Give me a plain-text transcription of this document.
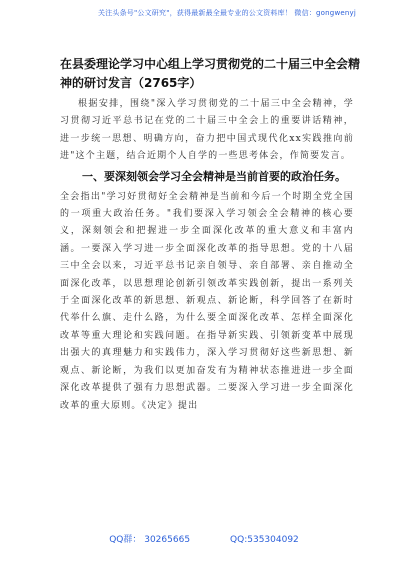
关注头条号"公文研究"，获得最新最全最专业的公文资料库！ 微信：gongwenyj
在县委理论学习中心组上学习贯彻党的二十届三中全会精神的研讨发言（2765字）

根据安排，围绕"深入学习贯彻党的二十届三中全会精神，学习贯彻习近平总书记在党的二十届三中全会上的重要讲话精神，进一步统一思想、明确方向，奋力把中国式现代化xx实践推向前进"这个主题，结合近期个人自学的一些思考体会，作简要发言。

一、要深刻领会学习全会精神是当前首要的政治任务。

全会指出"学习好贯彻好全会精神是当前和今后一个时期全党全国的一项重大政治任务。"我们要深入学习领会全会精神的核心要义，深刻领会和把握进一步全面深化改革的重大意义和丰富内涵。一要深入学习进一步全面深化改革的指导思想。党的十八届三中全会以来，习近平总书记亲自领导、亲自部署、亲自推动全面深化改革，以思想理论创新引领改革实践创新，提出一系列关于全面深化改革的新思想、新观点、新论断，科学回答了在新时代举什么旗、走什么路，为什么要全面深化改革、怎样全面深化改革等重大理论和实践问题。在指导新实践、引领新变革中展现出强大的真理魅力和实践伟力，深入学习贯彻好这些新思想、新观点、新论断，为我们以更加奋发有为精神状态推进进一步全面深化改革提供了强有力思想武器。二要深入学习进一步全面深化改革的重大原则。《决定》提出

QQ群： 30265665	QQ:535304092
